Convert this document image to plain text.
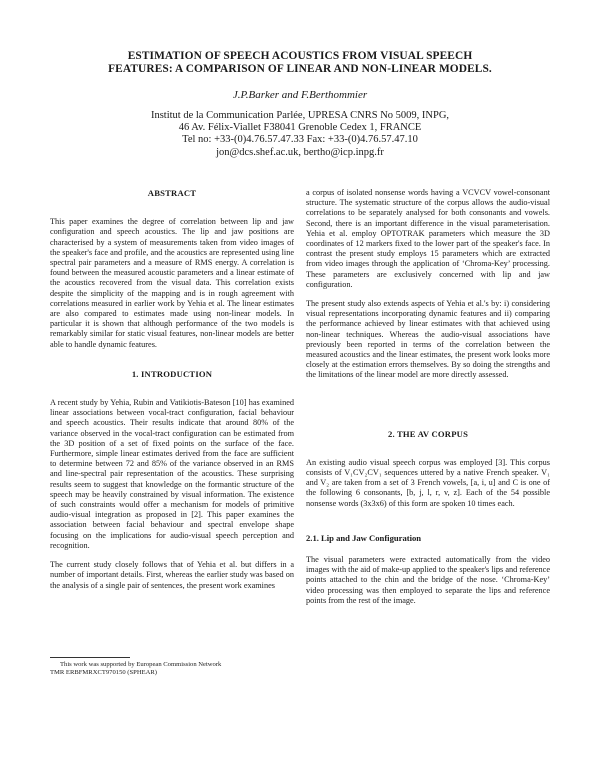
ESTIMATION OF SPEECH ACOUSTICS FROM VISUAL SPEECH
FEATURES: A COMPARISON OF LINEAR AND NON-LINEAR MODELS.
J.P.Barker and F.Berthommier
Institut de la Communication Parlée, UPRESA CNRS No 5009, INPG,
46 Av. Félix-Viallet F38041 Grenoble Cedex 1, FRANCE
Tel no: +33-(0)4.76.57.47.33 Fax: +33-(0)4.76.57.47.10
jon@dcs.shef.ac.uk, bertho@icp.inpg.fr

ABSTRACT

This paper examines the degree of correlation between lip and jaw configuration and speech acoustics. The lip and jaw positions are characterised by a system of measurements taken from video images of the speaker's face and profile, and the acoustics are represented using line spectral pair parameters and a measure of RMS energy. A correlation is found between the measured acoustic parameters and a linear estimate of the acoustics recovered from the visual data. This correlation exists despite the simplicity of the mapping and is in rough agreement with correlations measured in earlier work by Yehia et al. The linear estimates are also compared to estimates made using non-linear models. In particular it is shown that although performance of the two models is remarkably similar for static visual features, non-linear models are better able to handle dynamic features.

1. INTRODUCTION

A recent study by Yehia, Rubin and Vatikiotis-Bateson [10] has examined linear associations between vocal-tract configuration, facial behaviour and speech acoustics. Their results indicate that around 80% of the variance observed in the vocal-tract configuration can be estimated from the 3D position of a set of fixed points on the surface of the face. Furthermore, simple linear estimates derived from the face are sufficient to determine between 72 and 85% of the variance observed in an RMS and line-spectral pair representation of the acoustics. These surprising results seem to suggest that knowledge on the formantic structure of the speech may be heavily constrained by visual information. The existence of such constraints would offer a mechanism for models of primitive audio-visual integration as proposed in [2]. This paper examines the association between facial behaviour and spectral envelope shape focusing on the implications for audio-visual speech perception and recognition.

The current study closely follows that of Yehia et al. but differs in a number of important details. First, whereas the earlier study was based on the analysis of a single pair of sentences, the present work examines

a corpus of isolated nonsense words having a VCVCV vowel-consonant structure. The systematic structure of the corpus allows the audio-visual correlations to be separately analysed for both consonants and vowels. Second, there is an important difference in the visual parameterisation. Yehia et al. employ OPTOTRAK parameters which measure the 3D coordinates of 12 markers fixed to the lower part of the speaker's face. In contrast the present study employs 15 parameters which are extracted from video images through the application of ‘Chroma-Key’ processing. These parameters are exclusively concerned with lip and jaw configuration.

The present study also extends aspects of Yehia et al.'s by: i) considering visual representations incorporating dynamic features and ii) comparing the performance achieved by linear estimates with that achieved using non-linear techniques. Whereas the audio-visual associations have previously been reported in terms of the correlation between the measured acoustics and the linear estimates, the present work looks more closely at the estimation errors themselves. By so doing the strengths and the limitations of the linear model are more directly assessed.

2. THE AV CORPUS

An existing audio visual speech corpus was employed [3]. This corpus consists of V₁CV₂CV₁ sequences uttered by a native French speaker. V₁ and V₂ are taken from a set of 3 French vowels, [a, i, u] and C is one of the following 6 consonants, [b, j, l, r, v, z]. Each of the 54 possible nonsense words (3x3x6) of this form are spoken 10 times each.

2.1. Lip and Jaw Configuration

The visual parameters were extracted automatically from the video images with the aid of make-up applied to the speaker's lips and reference points attached to the chin and the bridge of the nose. ‘Chroma-Key’ video processing was then employed to separate the lips and reference points from the rest of the image.

This work was supported by European Commission Network
TMR ERBFMRXCT970150 (SPHEAR)
